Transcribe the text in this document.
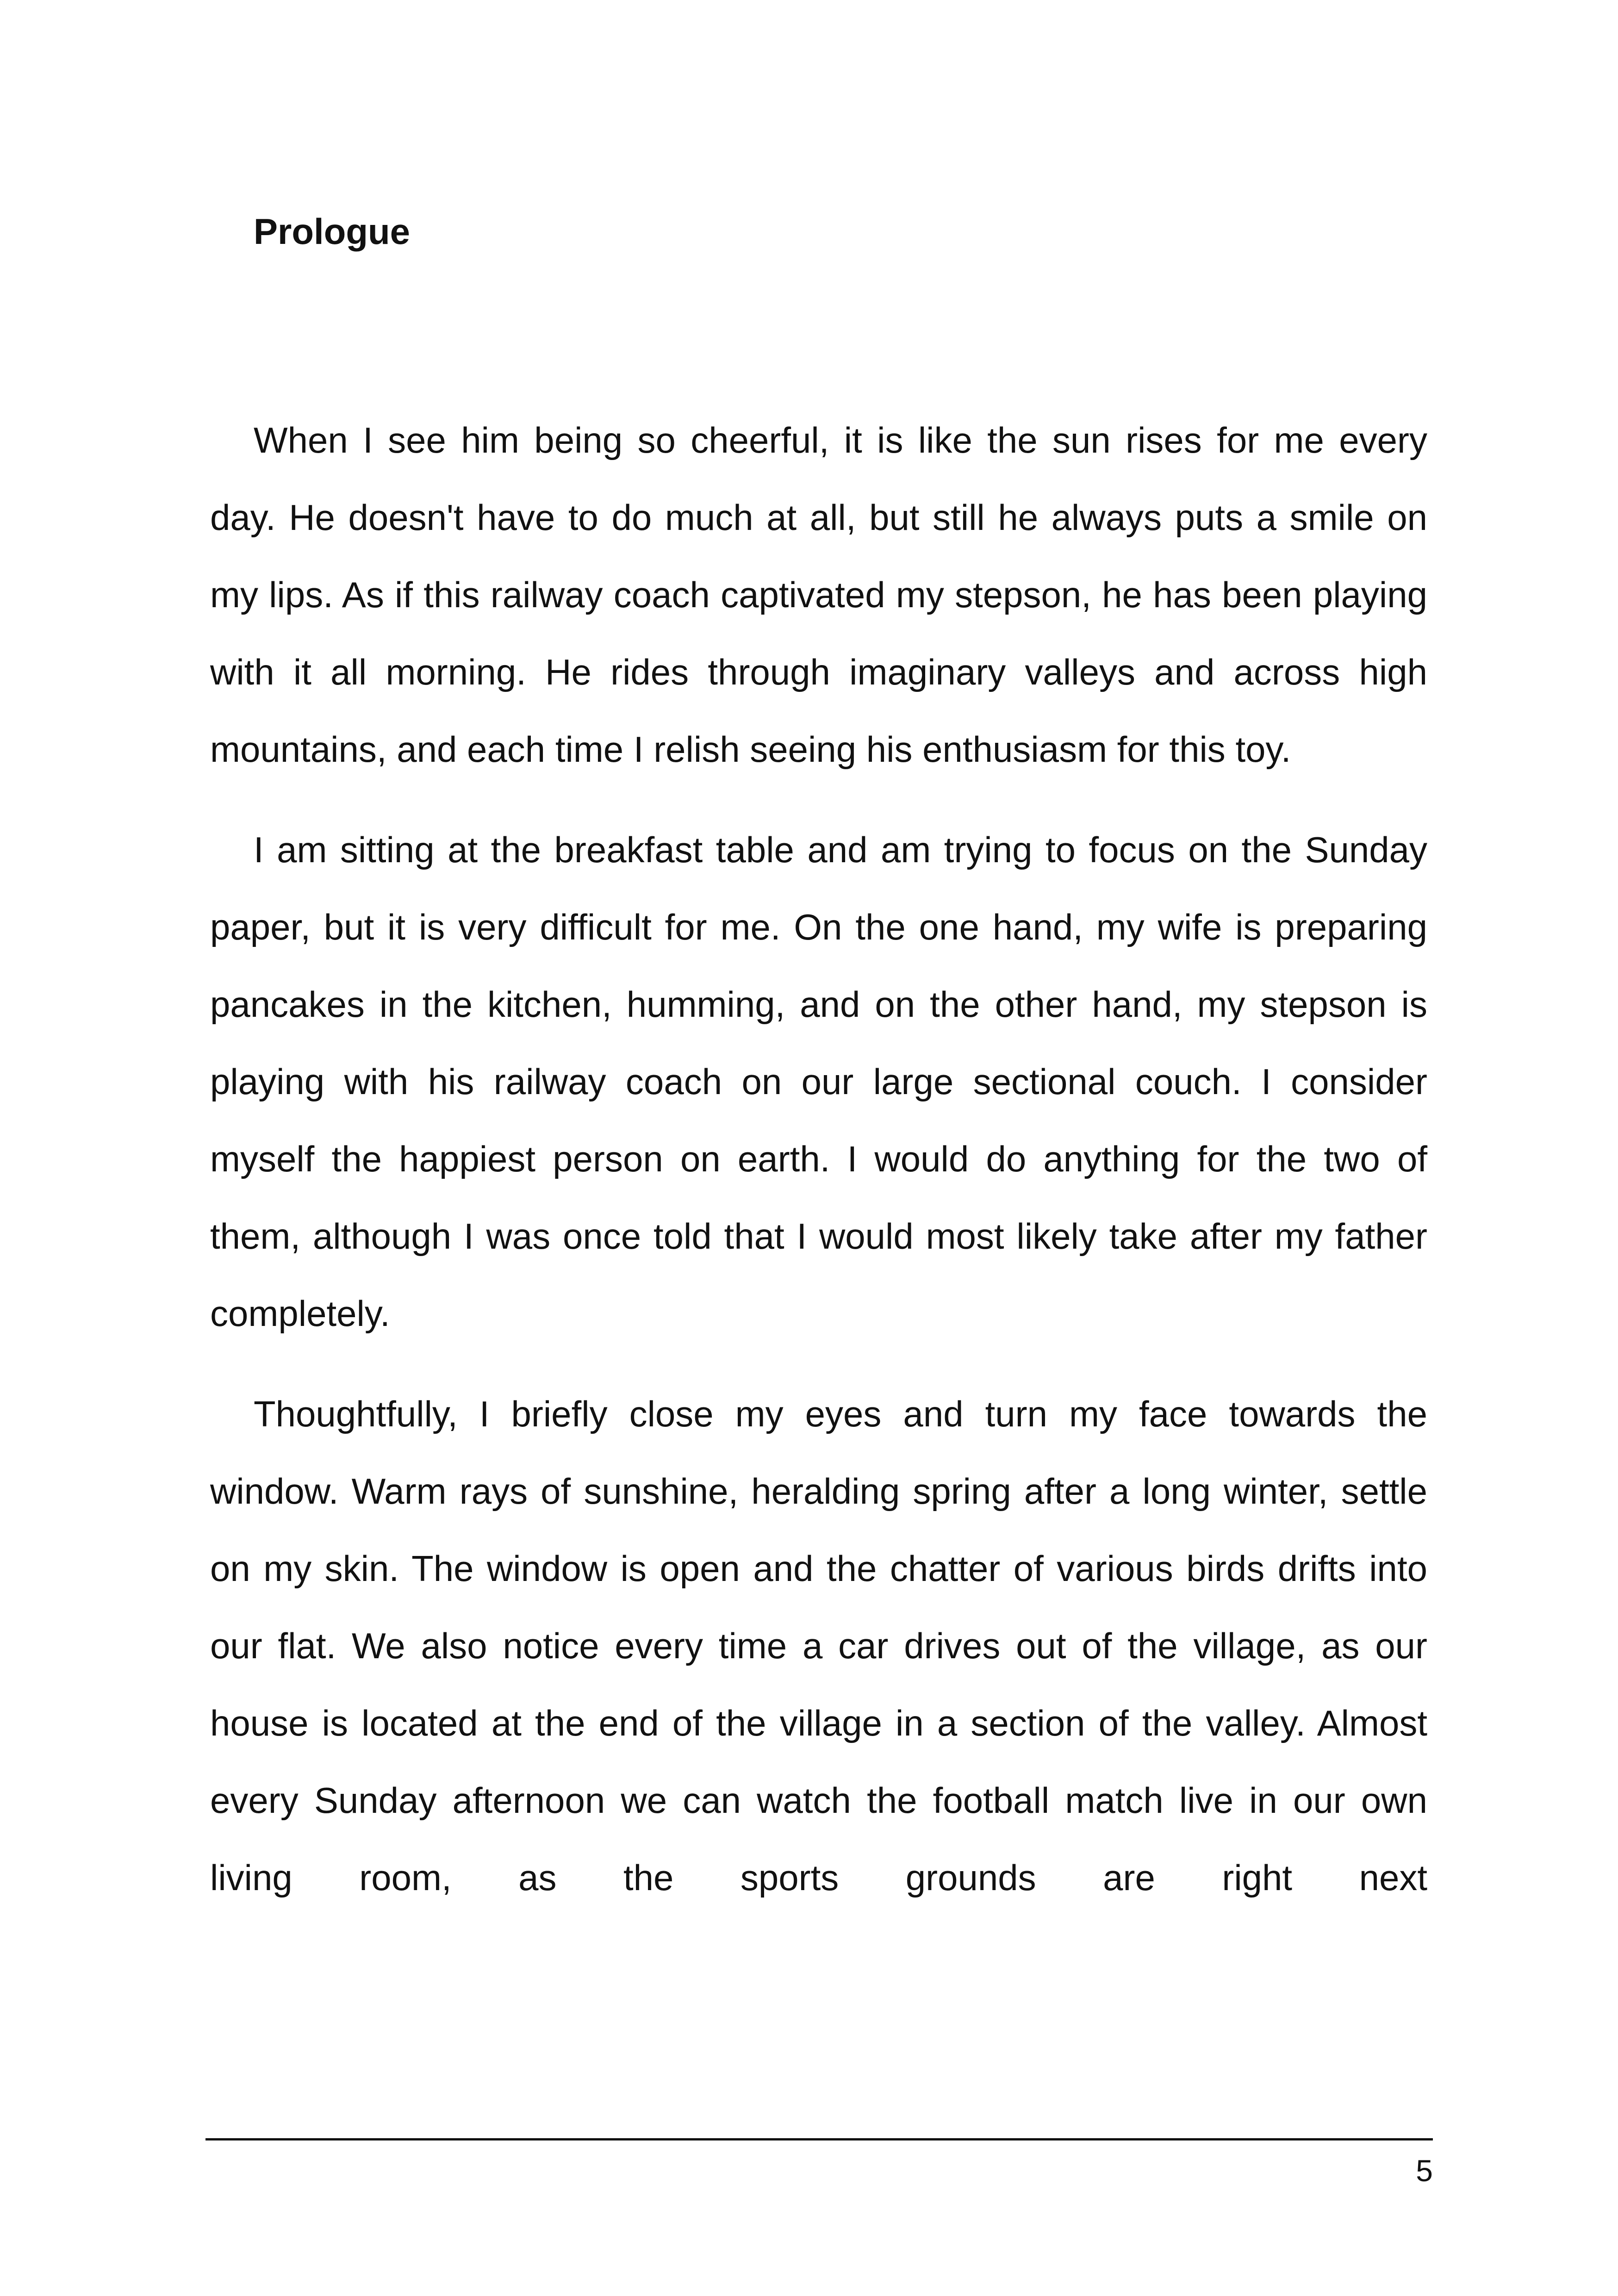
Prologue

When I see him being so cheerful, it is like the sun rises for me every day. He doesn't have to do much at all, but still he always puts a smile on my lips. As if this railway coach captivated my stepson, he has been playing with it all morning. He rides through imaginary valleys and across high mountains, and each time I relish seeing his enthusiasm for this toy.

I am sitting at the breakfast table and am trying to focus on the Sunday paper, but it is very difficult for me. On the one hand, my wife is preparing pancakes in the kitchen, humming, and on the other hand, my stepson is playing with his railway coach on our large sectional couch. I consider myself the happiest person on earth. I would do anything for the two of them, although I was once told that I would most likely take after my father completely.

Thoughtfully, I briefly close my eyes and turn my face towards the window. Warm rays of sunshine, heralding spring after a long winter, settle on my skin. The window is open and the chatter of various birds drifts into our flat. We also notice every time a car drives out of the village, as our house is located at the end of the village in a section of the valley. Almost every Sunday afternoon we can watch the football match live in our own living room, as the sports grounds are right next

5
